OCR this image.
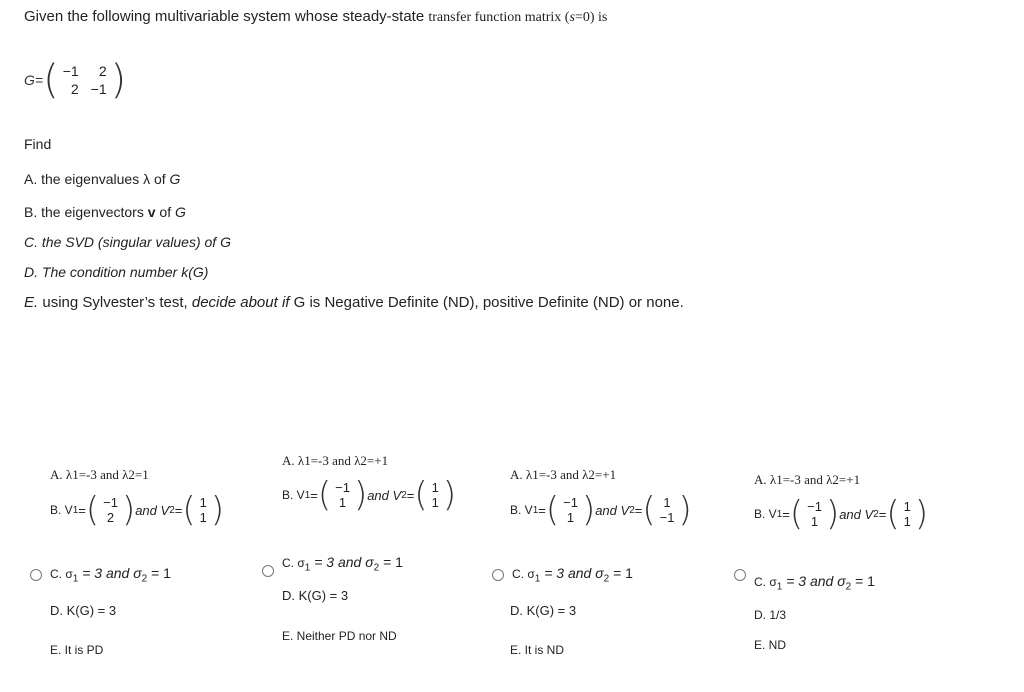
Given the following multivariable system whose steady-state transfer function matrix (s=0) is
G= ( −1	2
2 −1 )
Find
A. the eigenvalues λ of G
B. the eigenvectors v of G
C. the SVD (singular values) of G
D. The condition number k(G)
E. using Sylvester’s test, decide about if G is Negative Definite (ND), positive Definite (ND) or none.
A. λ1=-3 and λ2=1
B. V 1 = ( −1
2 ) and V 2 = ( 1
1 )
C. $\sigma_1 = 3$ and $\sigma_2 = 1$
D. K(G) = 3
E. It is PD
A. λ1=-3 and λ2=+1
B. V 1 = ( −1
1 ) and V 2 = ( 1
1 )
C. $\sigma_1 = 3$ and $\sigma_2 = 1$
D. K(G) = 3
E. Neither PD nor ND
A. λ1=-3 and λ2=+1
B. V 1 = ( −1
1 ) and V 2 = ( 1
−1 )
C. $\sigma_1 = 3$ and $\sigma_2 = 1$
D. K(G) = 3
E. It is ND
A. λ1=-3 and λ2=+1
B. V 1 = ( −1
1 ) and V 2 = ( 1
1 )
C. $\sigma_1 = 3$ and $\sigma_2 = 1$
D. 1/3
E. ND
